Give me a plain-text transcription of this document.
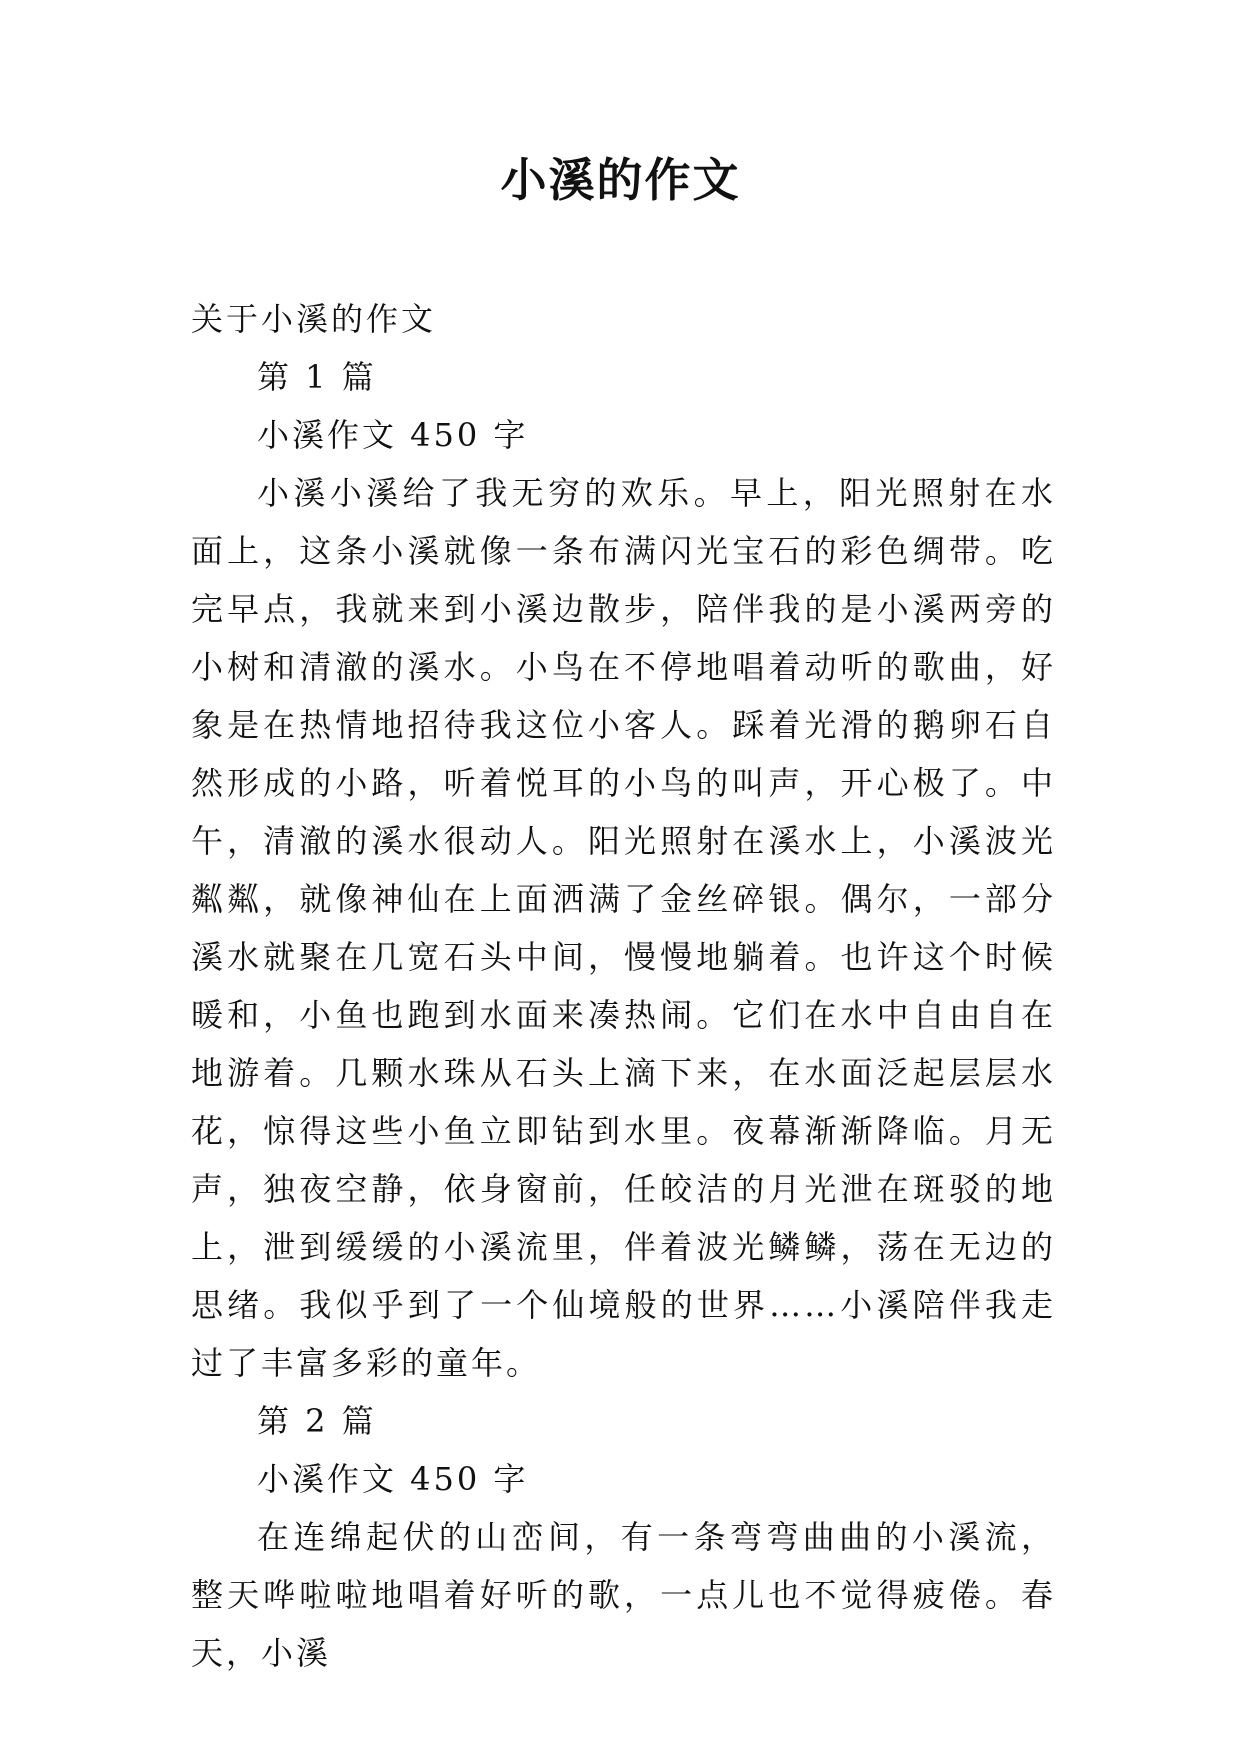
小溪的作文

关于小溪的作文

第 1 篇

小溪作文 450 字

小溪小溪给了我无穷的欢乐。早上，阳光照射在水面上，这条小溪就像一条布满闪光宝石的彩色绸带。吃完早点，我就来到小溪边散步，陪伴我的是小溪两旁的小树和清澈的溪水。小鸟在不停地唱着动听的歌曲，好象是在热情地招待我这位小客人。踩着光滑的鹅卵石自然形成的小路，听着悦耳的小鸟的叫声，开心极了。中午，清澈的溪水很动人。阳光照射在溪水上，小溪波光粼粼，就像神仙在上面洒满了金丝碎银。偶尔，一部分溪水就聚在几宽石头中间，慢慢地躺着。也许这个时候暖和，小鱼也跑到水面来凑热闹。它们在水中自由自在地游着。几颗水珠从石头上滴下来，在水面泛起层层水花，惊得这些小鱼立即钻到水里。夜幕渐渐降临。月无声，独夜空静，依身窗前，任皎洁的月光泄在斑驳的地上，泄到缓缓的小溪流里，伴着波光鳞鳞，荡在无边的思绪。我似乎到了一个仙境般的世界……小溪陪伴我走过了丰富多彩的童年。

第 2 篇

小溪作文 450 字

在连绵起伏的山峦间，有一条弯弯曲曲的小溪流，整天哗啦啦地唱着好听的歌，一点儿也不觉得疲倦。春天，小溪
